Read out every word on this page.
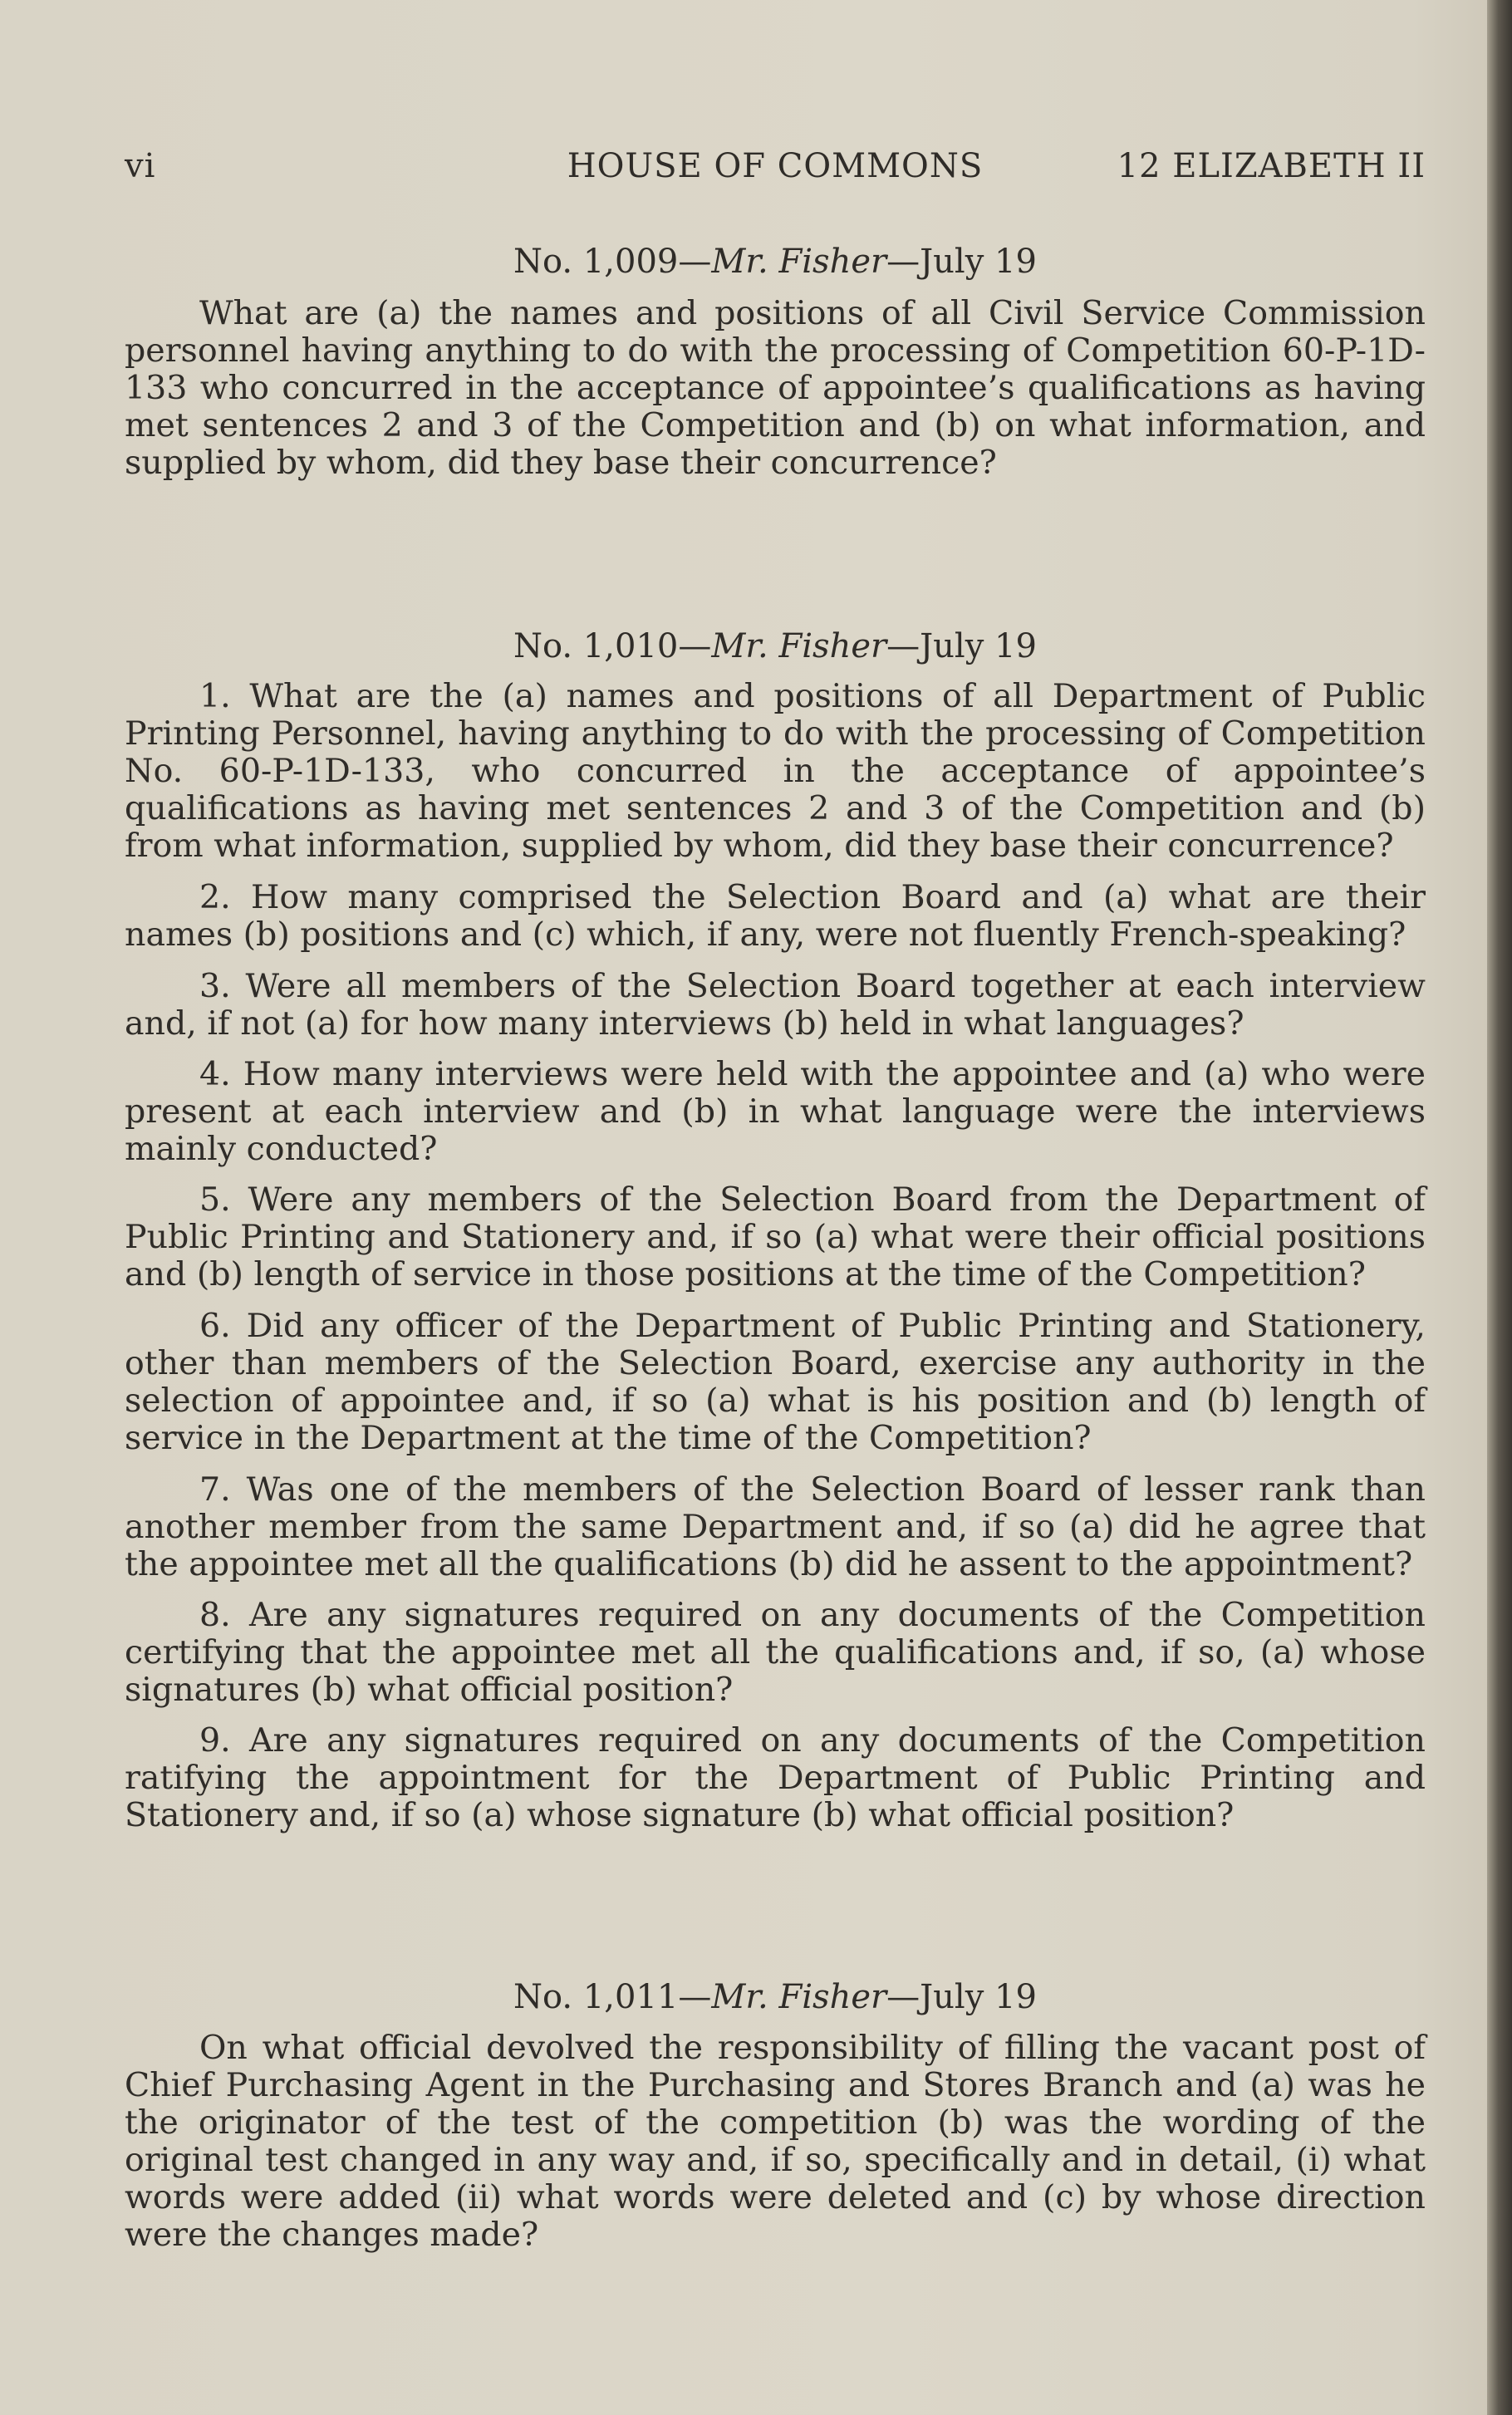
vi	HOUSE OF COMMONS	12 ELIZABETH II
No. 1,009—Mr. Fisher—July 19

What are (a) the names and positions of all Civil Service Commission personnel having anything to do with the processing of Competition 60-P-1D-133 who concurred in the acceptance of appointee’s qualifications as having met sentences 2 and 3 of the Competition and (b) on what information, and supplied by whom, did they base their concurrence?

No. 1,010—Mr. Fisher—July 19

1. What are the (a) names and positions of all Department of Public Printing Personnel, having anything to do with the processing of Competition No. 60-P-1D-133, who concurred in the acceptance of appointee’s qualifications as having met sentences 2 and 3 of the Competition and (b) from what information, supplied by whom, did they base their concurrence?

2. How many comprised the Selection Board and (a) what are their names (b) positions and (c) which, if any, were not fluently French-speaking?

3. Were all members of the Selection Board together at each interview and, if not (a) for how many interviews (b) held in what languages?

4. How many interviews were held with the appointee and (a) who were present at each interview and (b) in what language were the interviews mainly conducted?

5. Were any members of the Selection Board from the Department of Public Printing and Stationery and, if so (a) what were their official positions and (b) length of service in those positions at the time of the Competition?

6. Did any officer of the Department of Public Printing and Stationery, other than members of the Selection Board, exercise any authority in the selection of appointee and, if so (a) what is his position and (b) length of service in the Department at the time of the Competition?

7. Was one of the members of the Selection Board of lesser rank than another member from the same Department and, if so (a) did he agree that the appointee met all the qualifications (b) did he assent to the appointment?

8. Are any signatures required on any documents of the Competition certifying that the appointee met all the qualifications and, if so, (a) whose signatures (b) what official position?

9. Are any signatures required on any documents of the Competition ratifying the appointment for the Department of Public Printing and Stationery and, if so (a) whose signature (b) what official position?

No. 1,011—Mr. Fisher—July 19

On what official devolved the responsibility of filling the vacant post of Chief Purchasing Agent in the Purchasing and Stores Branch and (a) was he the originator of the test of the competition (b) was the wording of the original test changed in any way and, if so, specifically and in detail, (i) what words were added (ii) what words were deleted and (c) by whose direction were the changes made?
